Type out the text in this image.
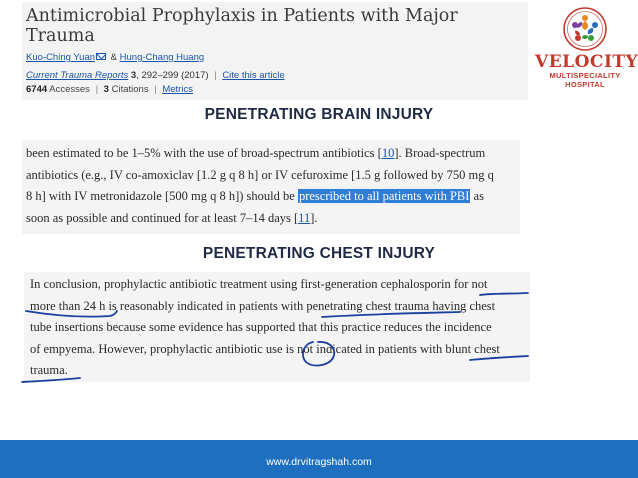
Antimicrobial Prophylaxis in Patients with Major Trauma
Kuo-Ching Yuan & Hung-Chang Huang
Current Trauma Reports 3, 292–299 (2017) | Cite this article
6744 Accesses | 3 Citations | Metrics
VELOCITY
MULTISPECIALITY
HOSPITAL
PENETRATING BRAIN INJURY
been estimated to be 1–5% with the use of broad-spectrum antibiotics [10]. Broad-spectrum
antibiotics (e.g., IV co-amoxiclav [1.2 g q 8 h] or IV cefuroxime [1.5 g followed by 750 mg q
8 h] with IV metronidazole [500 mg q 8 h]) should be prescribed to all patients with PBI as
soon as possible and continued for at least 7–14 days [11].
PENETRATING CHEST INJURY
In conclusion, prophylactic antibiotic treatment using first-generation cephalosporin for not
more than 24 h is reasonably indicated in patients with penetrating chest trauma having chest
tube insertions because some evidence has supported that this practice reduces the incidence
of empyema. However, prophylactic antibiotic use is not indicated in patients with blunt chest
trauma.
www.drvitragshah.com
